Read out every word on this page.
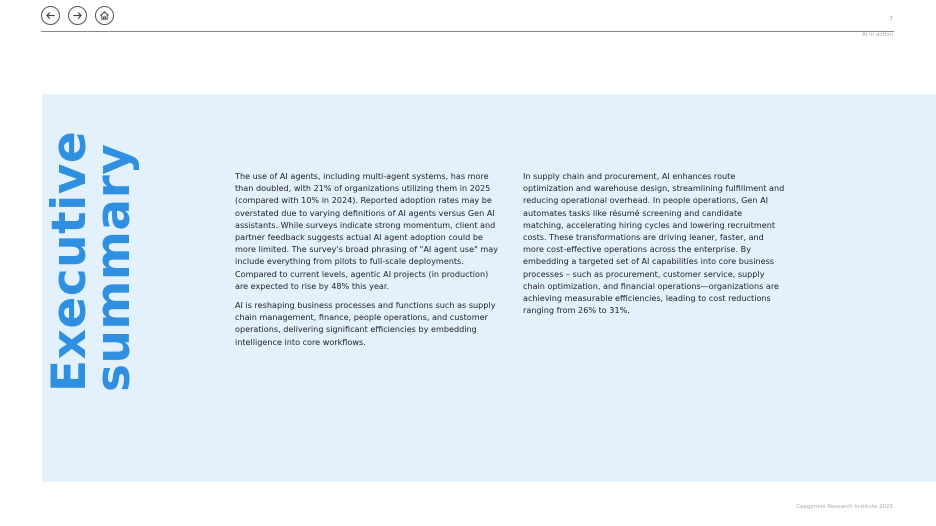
7
AI in action
Executive
summary	The use of AI agents, including multi-agent systems, has more than doubled, with 21% of organizations utilizing them in 2025 (compared with 10% in 2024). Reported adoption rates may be overstated due to varying definitions of AI agents versus Gen AI assistants. While surveys indicate strong momentum, client and partner feedback suggests actual AI agent adoption could be more limited. The survey's broad phrasing of "AI agent use" may include everything from pilots to full-scale deployments. Compared to current levels, agentic AI projects (in production) are expected to rise by 48% this year.

AI is reshaping business processes and functions such as supply chain management, finance, people operations, and customer operations, delivering significant efficiencies by embedding intelligence into core workflows.

In supply chain and procurement, AI enhances route optimization and warehouse design, streamlining fulfillment and reducing operational overhead. In people operations, Gen AI automates tasks like résumé screening and candidate matching, accelerating hiring cycles and lowering recruitment costs. These transformations are driving leaner, faster, and more cost-effective operations across the enterprise. By embedding a targeted set of AI capabilities into core business processes – such as procurement, customer service, supply chain optimization, and financial operations—organizations are achieving measurable efficiencies, leading to cost reductions ranging from 26% to 31%.

Capgemini Research Institute 2025
